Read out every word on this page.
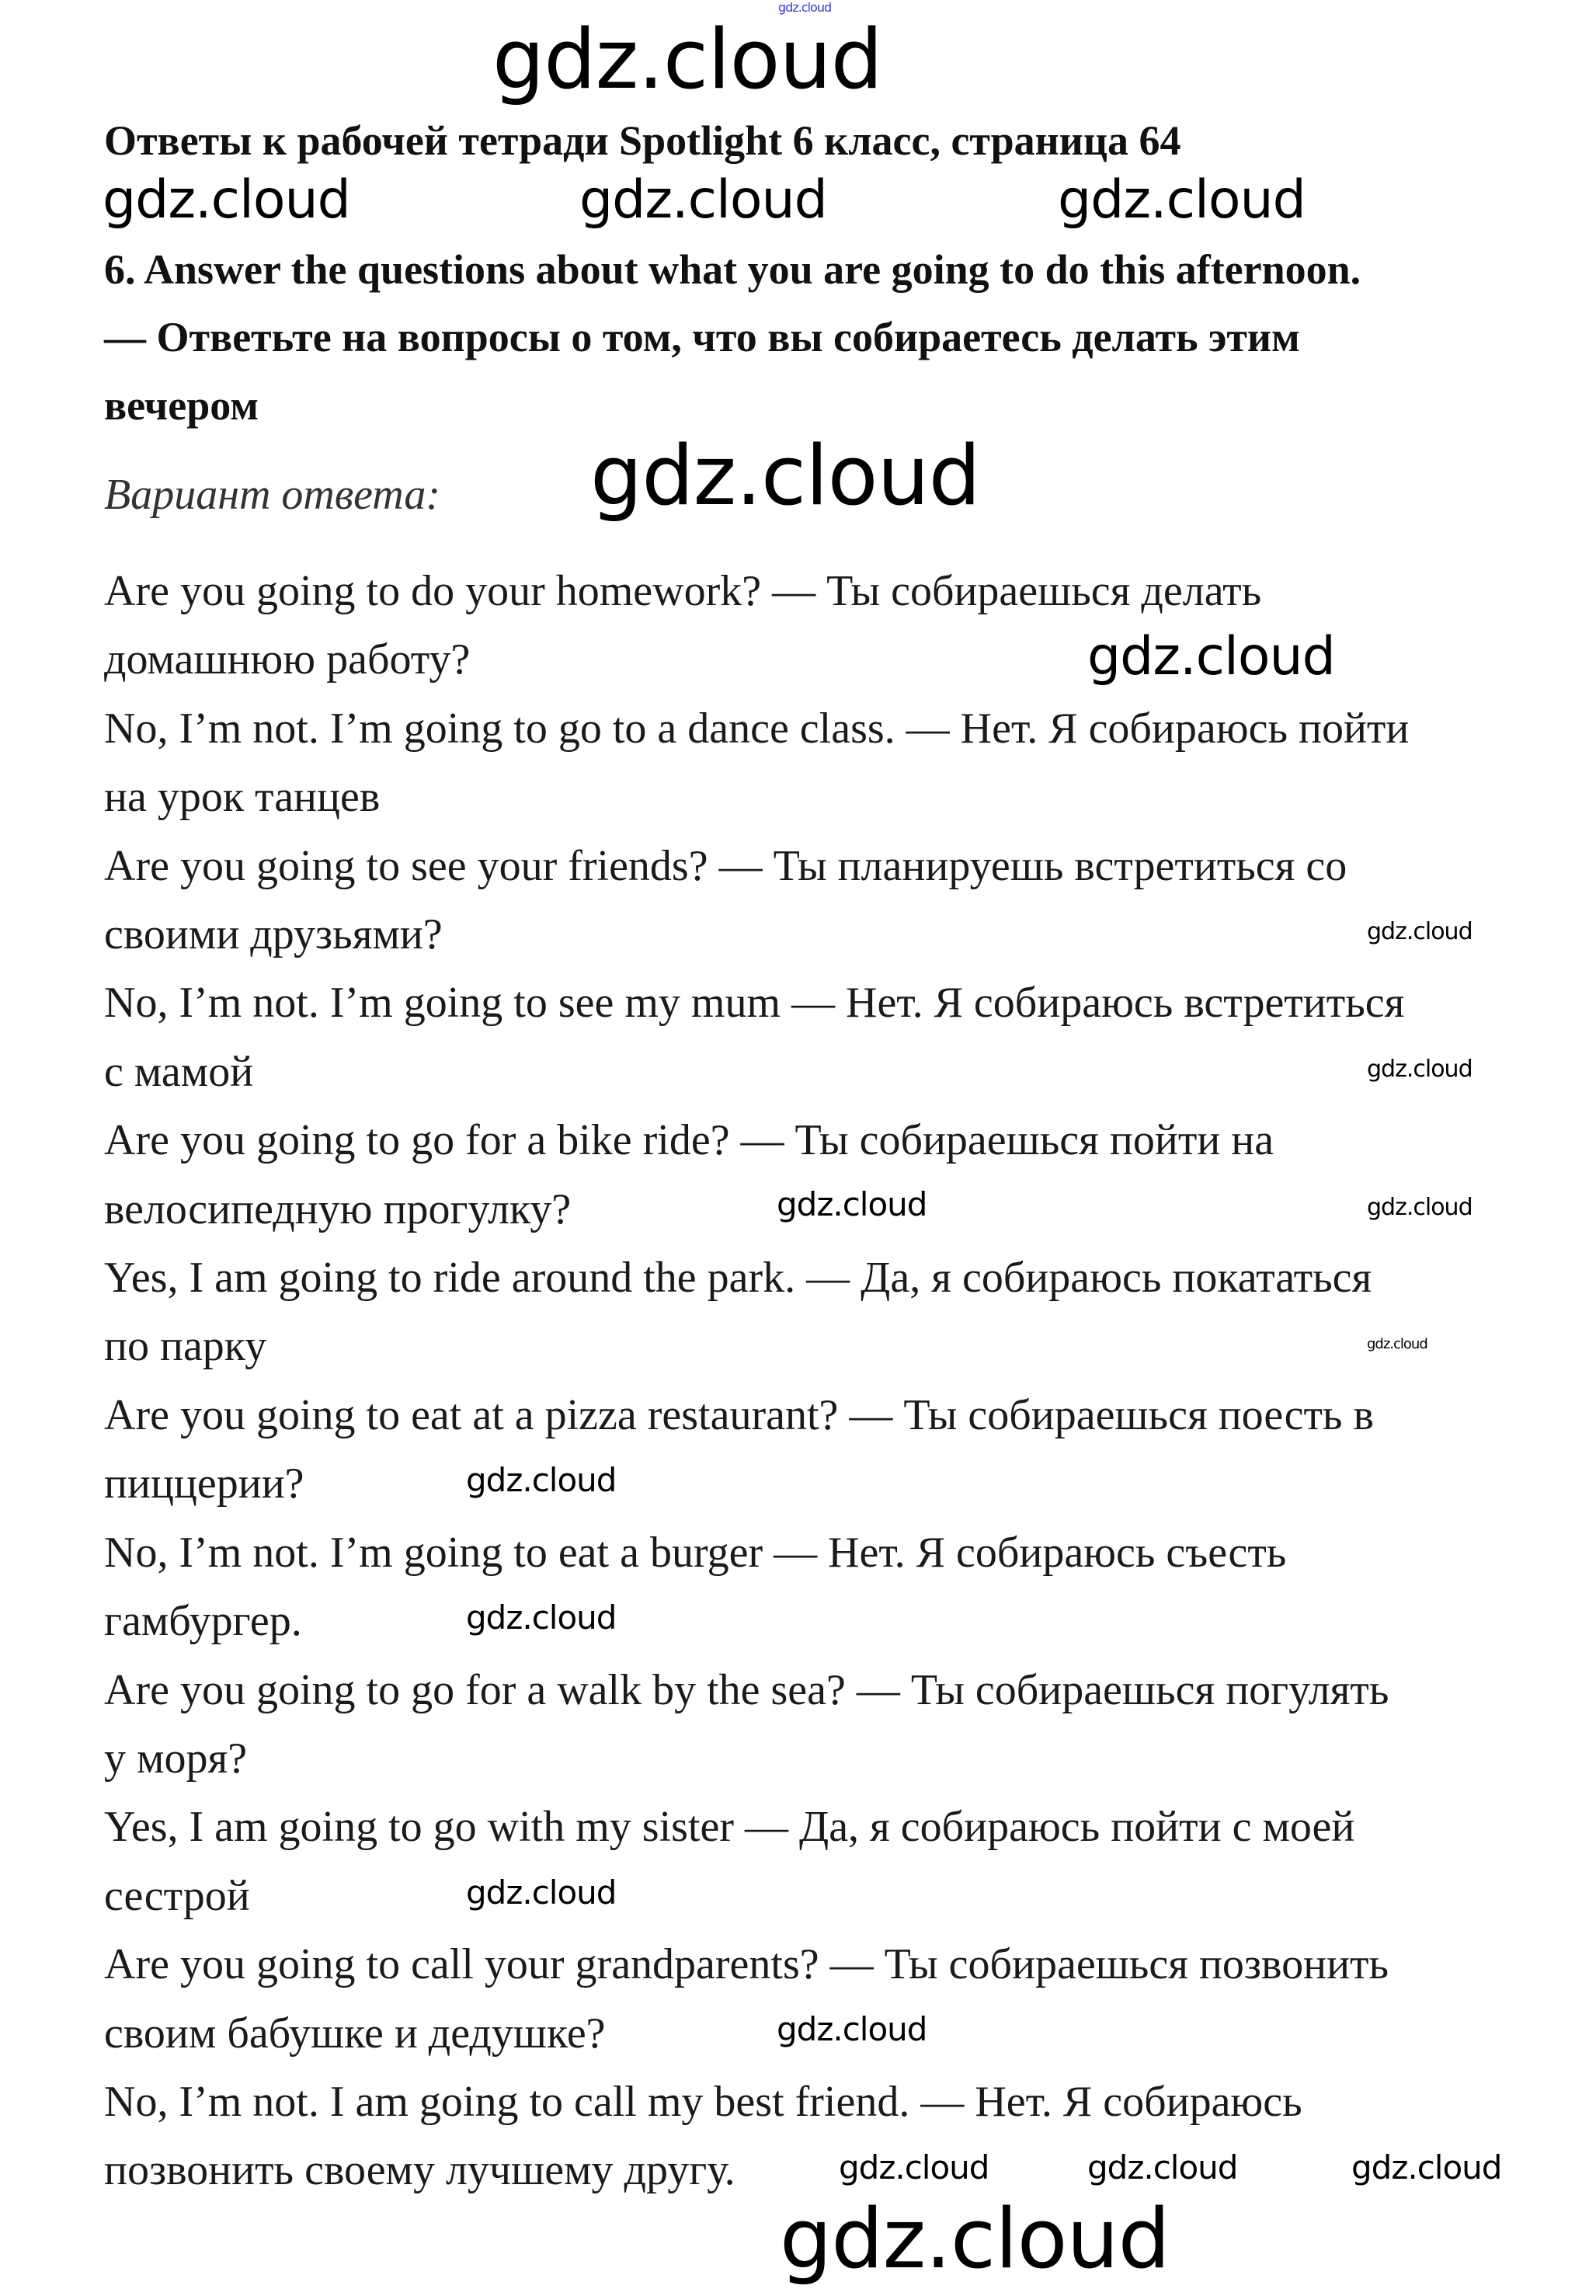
gdz.cloud
gdz.cloud
Ответы к рабочей тетради Spotlight 6 класс, страница 64
gdz.cloud	gdz.cloud	gdz.cloud
6. Answer the questions about what you are going to do this afternoon.
— Ответьте на вопросы о том, что вы собираетесь делать этим
вечером
Вариант ответа: gdz.cloud
Are you going to do your homework? — Ты собираешься делать
домашнюю работу?
No, I’m not. I’m going to go to a dance class. — Нет. Я собираюсь пойти
на урок танцев
Are you going to see your friends? — Ты планируешь встретиться со
своими друзьями?
No, I’m not. I’m going to see my mum — Нет. Я собираюсь встретиться
с мамой
Are you going to go for a bike ride? — Ты собираешься пойти на
велосипедную прогулку?
Yes, I am going to ride around the park. — Да, я собираюсь покататься
по парку
Are you going to eat at a pizza restaurant? — Ты собираешься поесть в
пиццерии?
No, I’m not. I’m going to eat a burger — Нет. Я собираюсь съесть
гамбургер.
Are you going to go for a walk by the sea? — Ты собираешься погулять
у моря?
Yes, I am going to go with my sister — Да, я собираюсь пойти с моей
сестрой
Are you going to call your grandparents? — Ты собираешься позвонить
своим бабушке и дедушке?
No, I’m not. I am going to call my best friend. — Нет. Я собираюсь
позвонить своему лучшему другу.
gdz.cloud
gdz.cloud
gdz.cloud
gdz.cloud	gdz.cloud
gdz.cloud
gdz.cloud
gdz.cloud
gdz.cloud
gdz.cloud
gdz.cloud	gdz.cloud	gdz.cloud
gdz.cloud
